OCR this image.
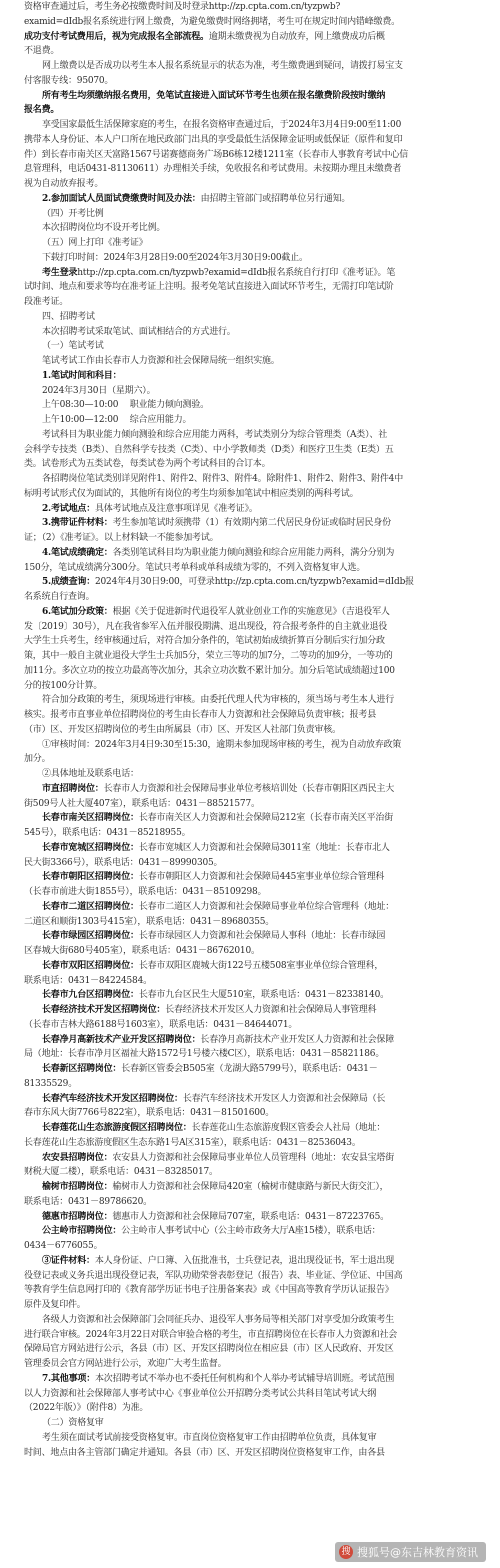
资格审查通过后，考生务必按缴费时间及时登录http://zp.cpta.com.cn/tyzpwb?
examid=dIdb报名系统进行网上缴费，为避免缴费时网络拥堵，考生可在规定时间内错峰缴费。
成功支付考试费用后，视为完成报名全部流程。逾期未缴费视为自动放弃，网上缴费成功后概
不退费。
网上缴费以是否成功以考生本人报名系统显示的状态为准，考生缴费遇到疑问，请拨打易宝支
付客服专线：95070。
所有考生均须缴纳报名费用，免笔试直接进入面试环节考生也须在报名缴费阶段按时缴纳
报名费。
享受国家最低生活保障家庭的考生，在报名资格审查通过后，于2024年3月4日9:00至11:00
携带本人身份证、本人户口所在地民政部门出具的享受最低生活保障金证明或低保证（原件和复印
件）到长春市南关区天富路1567号诺赛德商务广场B6栋12楼1211室（长春市人事教育考试中心信
息管理科，电话0431-81130611）办理相关手续，免收报名和考试费用。未按期办理且未缴费者
视为自动放弃报考。
2.参加面试人员面试费缴费时间及办法：由招聘主管部门或招聘单位另行通知。
（四）开考比例
本次招聘岗位均不设开考比例。
（五）网上打印《准考证》
下载打印时间：2024年3月28日9:00至2024年3月30日9:00截止。
考生登录http://zp.cpta.com.cn/tyzpwb?examid=dIdb报名系统自行打印《准考证》。笔
试时间、地点和要求等均在准考证上注明。报考免笔试直接进入面试环节考生，无需打印笔试阶
段准考证。
四、招聘考试
本次招聘考试采取笔试、面试相结合的方式进行。
（一）笔试考试
笔试考试工作由长春市人力资源和社会保障局统一组织实施。
1.笔试时间和科目：
2024年3月30日（星期六）。
上午08:30—10:00　 职业能力倾向测验。
上午10:00—12:00　 综合应用能力。
考试科目为职业能力倾向测验和综合应用能力两科，考试类别分为综合管理类（A类）、社
会科学专技类（B类）、自然科学专技类（C类）、中小学教师类（D类）和医疗卫生类（E类）五
类。试卷形式为五类试卷，每类试卷为两个考试科目的合订本。
各招聘岗位笔试类别详见附件1、附件2、附件3、附件4。除附件1、附件2、附件3、附件4中
标明考试形式仅为面试的，其他所有岗位的考生均须参加笔试中相应类别的两科考试。
2.考试地点：具体考试地点及注意事项详见《准考证》。
3.携带证件材料：考生参加笔试时须携带（1）有效期内第二代居民身份证或临时居民身份
证；（2）《准考证》。以上材料缺一不能参加考试。
4.笔试成绩确定：各类别笔试科目均为职业能力倾向测验和综合应用能力两科，满分分别为
150分，笔试成绩满分300分。笔试只考单科或单科成绩为零的，不列入资格复审人选。
5.成绩查询：2024年4月30日9:00，可登录http://zp.cpta.com.cn/tyzpwb?examid=dIdb报
名系统自行查询。
6.笔试加分政策：根据《关于促进新时代退役军人就业创业工作的实施意见》（吉退役军人
发〔2019〕30号），凡在我省参军入伍并服役期满、退出现役，符合报考条件的自主就业退役
大学生士兵考生，经审核通过后，对符合加分条件的，笔试初始成绩折算百分制后实行加分政
策，其中一般自主就业退役大学生士兵加5分，荣立三等功的加7分，二等功的加9分，一等功的
加11分。多次立功的按立功最高等次加分，其余立功次数不累计加分。加分后笔试成绩超过100
分的按100分计算。
符合加分政策的考生，须现场进行审核。由委托代理人代为审核的，须当场与考生本人进行
核实。报考市直事业单位招聘岗位的考生由长春市人力资源和社会保障局负责审核；报考县
（市）区、开发区招聘岗位的考生由所属县（市）区、开发区人社部门负责审核。
①审核时间：2024年3月4日9:30至15:30，逾期未参加现场审核的考生，视为自动放弃政策
加分。
②具体地址及联系电话：
市直招聘岗位：长春市人力资源和社会保障局事业单位考核培训处（长春市朝阳区西民主大
街509号人社大厦407室），联系电话：0431－88521577。
长春市南关区招聘岗位：长春市南关区人力资源和社会保障局212室（长春市南关区平治街
545号），联系电话：0431－85218955。
长春市宽城区招聘岗位：长春市宽城区人力资源和社会保障局3011室（地址：长春市北人
民大街3366号），联系电话：0431－89990305。
长春市朝阳区招聘岗位：长春市朝阳区人力资源和社会保障局445室事业单位综合管理科
（长春市前进大街1855号），联系电话：0431－85109298。
长春市二道区招聘岗位：长春市二道区人力资源和社会保障局事业单位综合管理科（地址：
二道区和顺街1303号415室），联系电话：0431－89680355。
长春市绿园区招聘岗位：长春市绿园区人力资源和社会保障局人事科（地址：长春市绿园
区春城大街680号405室），联系电话：0431－86762010。
长春市双阳区招聘岗位：长春市双阳区鹿城大街122号五楼508室事业单位综合管理科，
联系电话：0431－84224584。
长春市九台区招聘岗位：长春市九台区民生大厦510室，联系电话：0431－82338140。
长春经济技术开发区招聘岗位：长春经济技术开发区人力资源和社会保障局人事管理科
（长春市吉林大路6188号1603室），联系电话：0431－84644071。
长春净月高新技术产业开发区招聘岗位：长春净月高新技术产业开发区人力资源和社会保障
局（地址：长春市净月区福祉大路1572号1号楼六楼C区），联系电话：0431－85821186。
长春新区招聘岗位：长春新区管委会B505室（龙湖大路5799号），联系电话：0431－
81335529。
长春汽车经济技术开发区招聘岗位：长春汽车经济技术开发区人力资源和社会保障局（长
春市东风大街7766号822室），联系电话：0431－81501600。
长春莲花山生态旅游度假区招聘岗位：长春莲花山生态旅游度假区管委会人社局（地址：
长春莲花山生态旅游度假区生态东路1号A区315室），联系电话：0431－82536043。
农安县招聘岗位：农安县人力资源和社会保障局事业单位人员管理科（地址：农安县宝塔街
财税大厦二楼），联系电话：0431－83285017。
榆树市招聘岗位：榆树市人力资源和社会保障局420室（榆树市健康路与新民大街交汇），
联系电话：0431－89786620。
德惠市招聘岗位：德惠市人力资源和社会保障局707室，联系电话：0431－87223765。
公主岭市招聘岗位：公主岭市人事考试中心（公主岭市政务大厅A座15楼），联系电话：
0434－6776055。
③证件材料：本人身份证、户口簿、入伍批准书，士兵登记表，退出现役证书，军士退出现
役登记表或义务兵退出现役登记表，军队功勋荣誉表彰登记（报告）表、毕业证、学位证、中国高
等教育学生信息网打印的《教育部学历证书电子注册备案表》或《中国高等教育学历认证报告》
原件及复印件。
各级人力资源和社会保障部门会同征兵办、退役军人事务局等相关部门对享受加分政策考生
进行联合审核。2024年3月22日对联合审验合格的考生，市直招聘岗位在长春市人力资源和社会
保障局官方网站进行公示，各县（市）区、开发区招聘岗位在相应县（市）区人民政府、开发区
管理委员会官方网站进行公示，欢迎广大考生监督。
7.其他事项：本次招聘考试不举办也不委托任何机构和个人举办考试辅导培训班。考试范围
以人力资源和社会保障部人事考试中心《事业单位公开招聘分类考试公共科目笔试考试大纲
（2022年版）》（附件8）为准。
（二）资格复审
考生须在面试考试前接受资格复审。市直岗位资格复审工作由招聘单位负责，具体复审
时间、地点由各主管部门确定并通知。各县（市）区、开发区招聘岗位资格复审工作，由各县
搜 搜狐号@东吉林教育资讯
